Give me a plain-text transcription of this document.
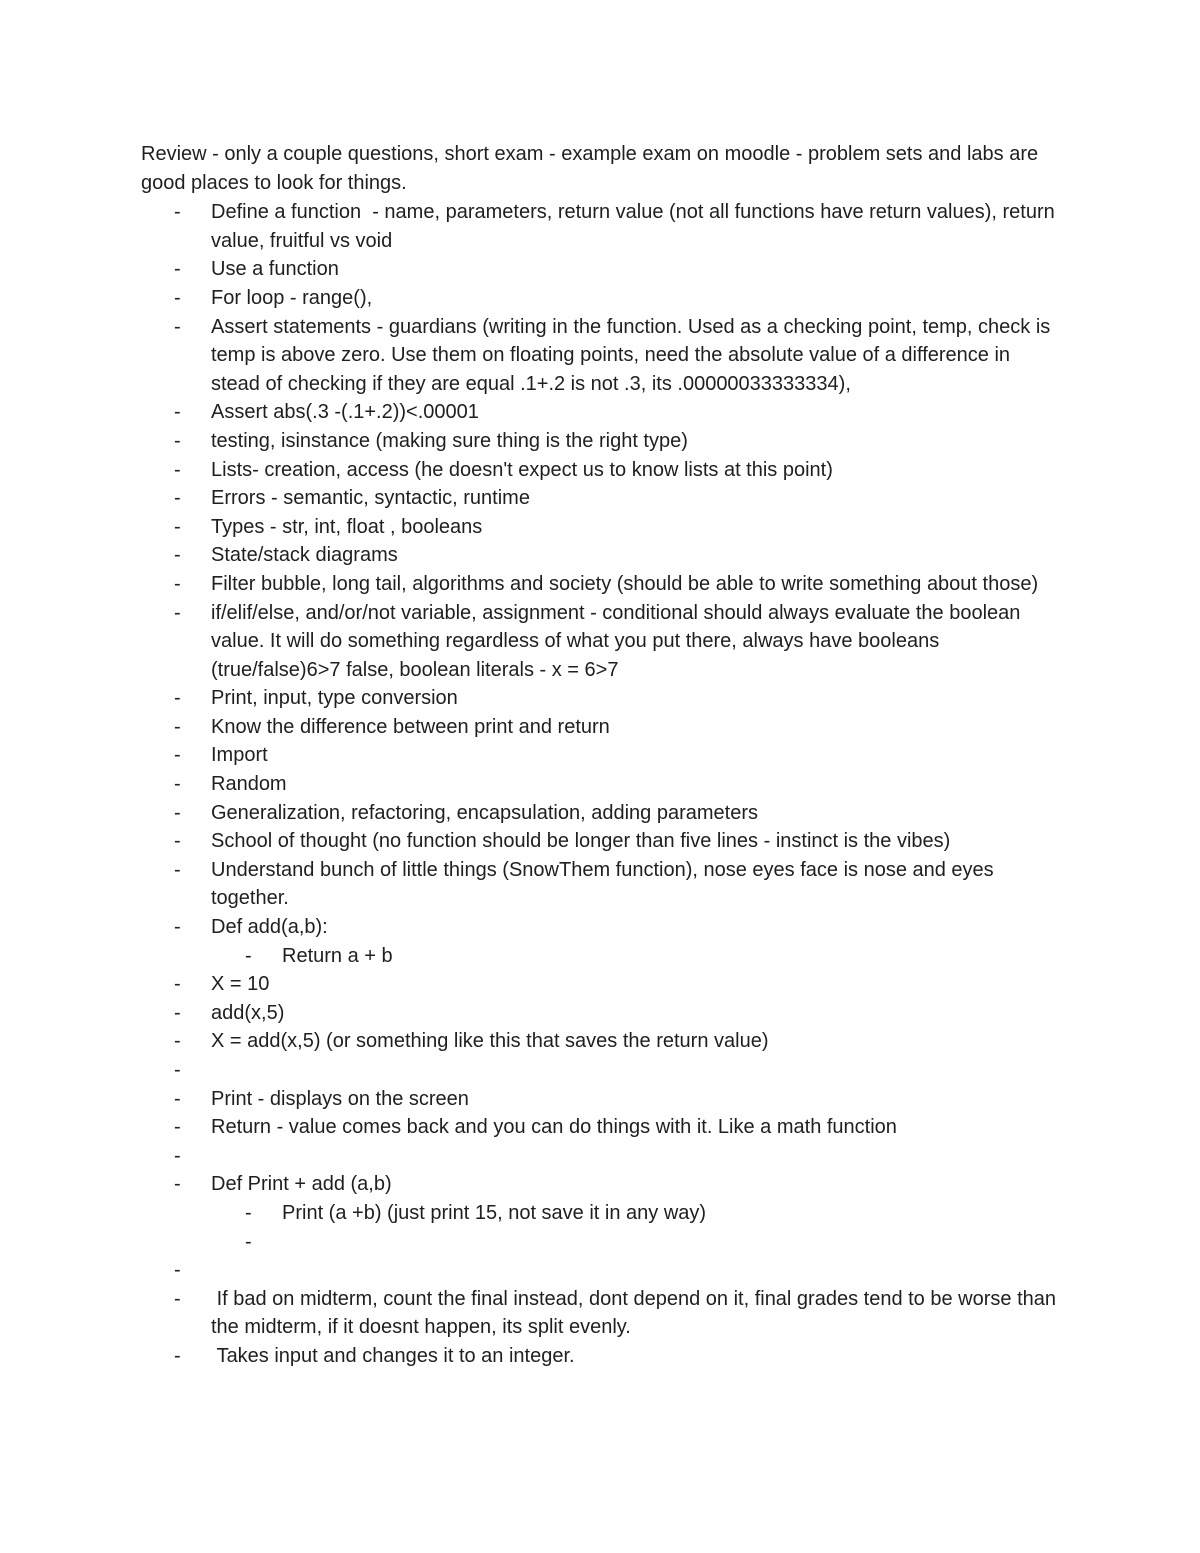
Review - only a couple questions, short exam - example exam on moodle - problem sets and labs are good places to look for things.

- Define a function  - name, parameters, return value (not all functions have return values), return value, fruitful vs void
- Use a function
- For loop - range(),
- Assert statements - guardians (writing in the function. Used as a checking point, temp, check is temp is above zero. Use them on floating points, need the absolute value of a difference in stead of checking if they are equal .1+.2 is not .3, its .00000033333334),
- Assert abs(.3 -(.1+.2))<.00001
- testing, isinstance (making sure thing is the right type)
- Lists- creation, access (he doesn't expect us to know lists at this point)
- Errors - semantic, syntactic, runtime
- Types - str, int, float , booleans
- State/stack diagrams
- Filter bubble, long tail, algorithms and society (should be able to write something about those)
- if/elif/else, and/or/not variable, assignment - conditional should always evaluate the boolean value. It will do something regardless of what you put there, always have booleans (true/false)6>7 false, boolean literals - x = 6>7
- Print, input, type conversion
- Know the difference between print and return
- Import
- Random
- Generalization, refactoring, encapsulation, adding parameters
- School of thought (no function should be longer than five lines - instinct is the vibes)
- Understand bunch of little things (SnowThem function), nose eyes face is nose and eyes together.
- Def add(a,b):
- Return a + b
- X = 10
- add(x,5)
- X = add(x,5) (or something like this that saves the return value)
-
- Print - displays on the screen
- Return - value comes back and you can do things with it. Like a math function
-
- Def Print + add (a,b)
- Print (a +b) (just print 15, not save it in any way)
-
-
- If bad on midterm, count the final instead, dont depend on it, final grades tend to be worse than the midterm, if it doesnt happen, its split evenly.
- Takes input and changes it to an integer.
